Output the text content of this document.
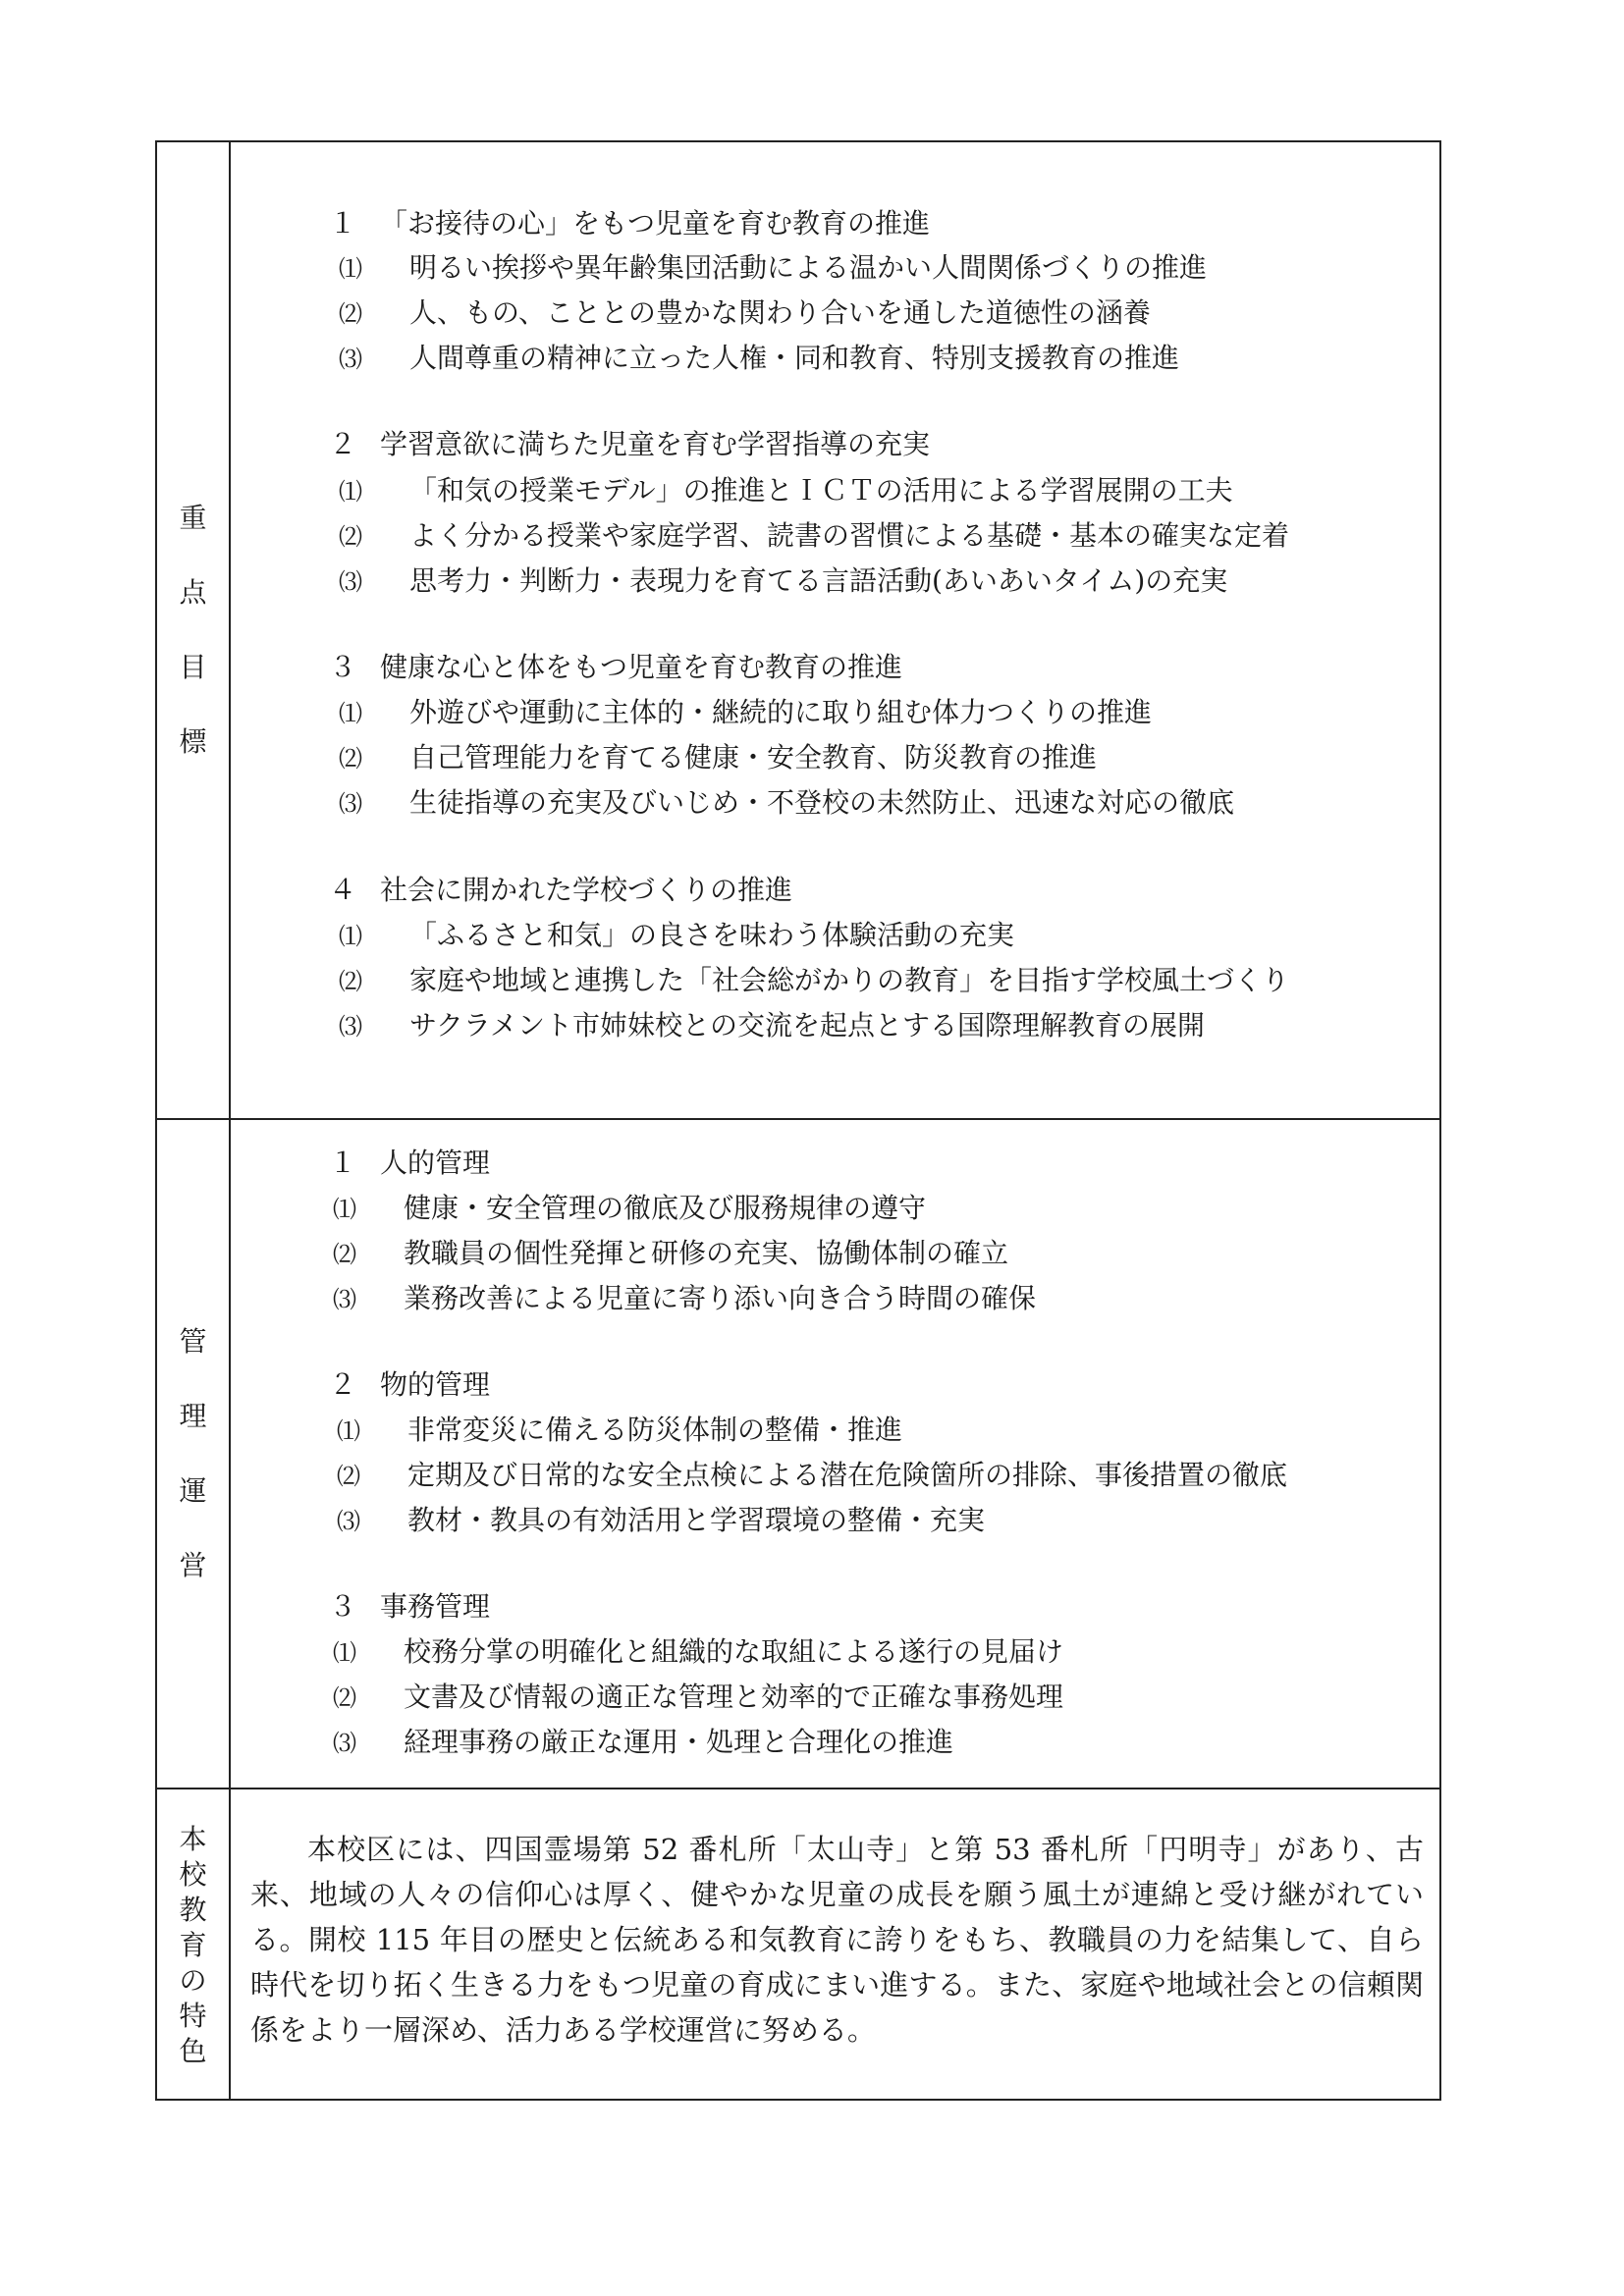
重
点
目
標
１ 「お接待の心」をもつ児童を育む教育の推進
⑴ 明るい挨拶や異年齢集団活動による温かい人間関係づくりの推進
⑵ 人、もの、こととの豊かな関わり合いを通した道徳性の涵養
⑶ 人間尊重の精神に立った人権・同和教育、特別支援教育の推進
２ 学習意欲に満ちた児童を育む学習指導の充実
⑴ 「和気の授業モデル」の推進とＩＣＴの活用による学習展開の工夫
⑵ よく分かる授業や家庭学習、読書の習慣による基礎・基本の確実な定着
⑶ 思考力・判断力・表現力を育てる言語活動(あいあいタイム)の充実
３ 健康な心と体をもつ児童を育む教育の推進
⑴ 外遊びや運動に主体的・継続的に取り組む体力つくりの推進
⑵ 自己管理能力を育てる健康・安全教育、防災教育の推進
⑶ 生徒指導の充実及びいじめ・不登校の未然防止、迅速な対応の徹底
４ 社会に開かれた学校づくりの推進
⑴ 「ふるさと和気」の良さを味わう体験活動の充実
⑵ 家庭や地域と連携した「社会総がかりの教育」を目指す学校風土づくり
⑶ サクラメント市姉妹校との交流を起点とする国際理解教育の展開
管
理
運
営
１ 人的管理
⑴ 健康・安全管理の徹底及び服務規律の遵守
⑵ 教職員の個性発揮と研修の充実、協働体制の確立
⑶ 業務改善による児童に寄り添い向き合う時間の確保
２ 物的管理
⑴ 非常変災に備える防災体制の整備・推進
⑵ 定期及び日常的な安全点検による潜在危険箇所の排除、事後措置の徹底
⑶ 教材・教具の有効活用と学習環境の整備・充実
３ 事務管理
⑴ 校務分掌の明確化と組織的な取組による遂行の見届け
⑵ 文書及び情報の適正な管理と効率的で正確な事務処理
⑶ 経理事務の厳正な運用・処理と合理化の推進
本
校
教
育
の
特
色

本校区には、四国霊場第 52 番札所「太山寺」と第 53 番札所「円明寺」があり、古来、地域の人々の信仰心は厚く、健やかな児童の成長を願う風土が連綿と受け継がれている。開校 115 年目の歴史と伝統ある和気教育に誇りをもち、教職員の力を結集して、自ら時代を切り拓く生きる力をもつ児童の育成にまい進する。また、家庭や地域社会との信頼関係をより一層深め、活力ある学校運営に努める。
